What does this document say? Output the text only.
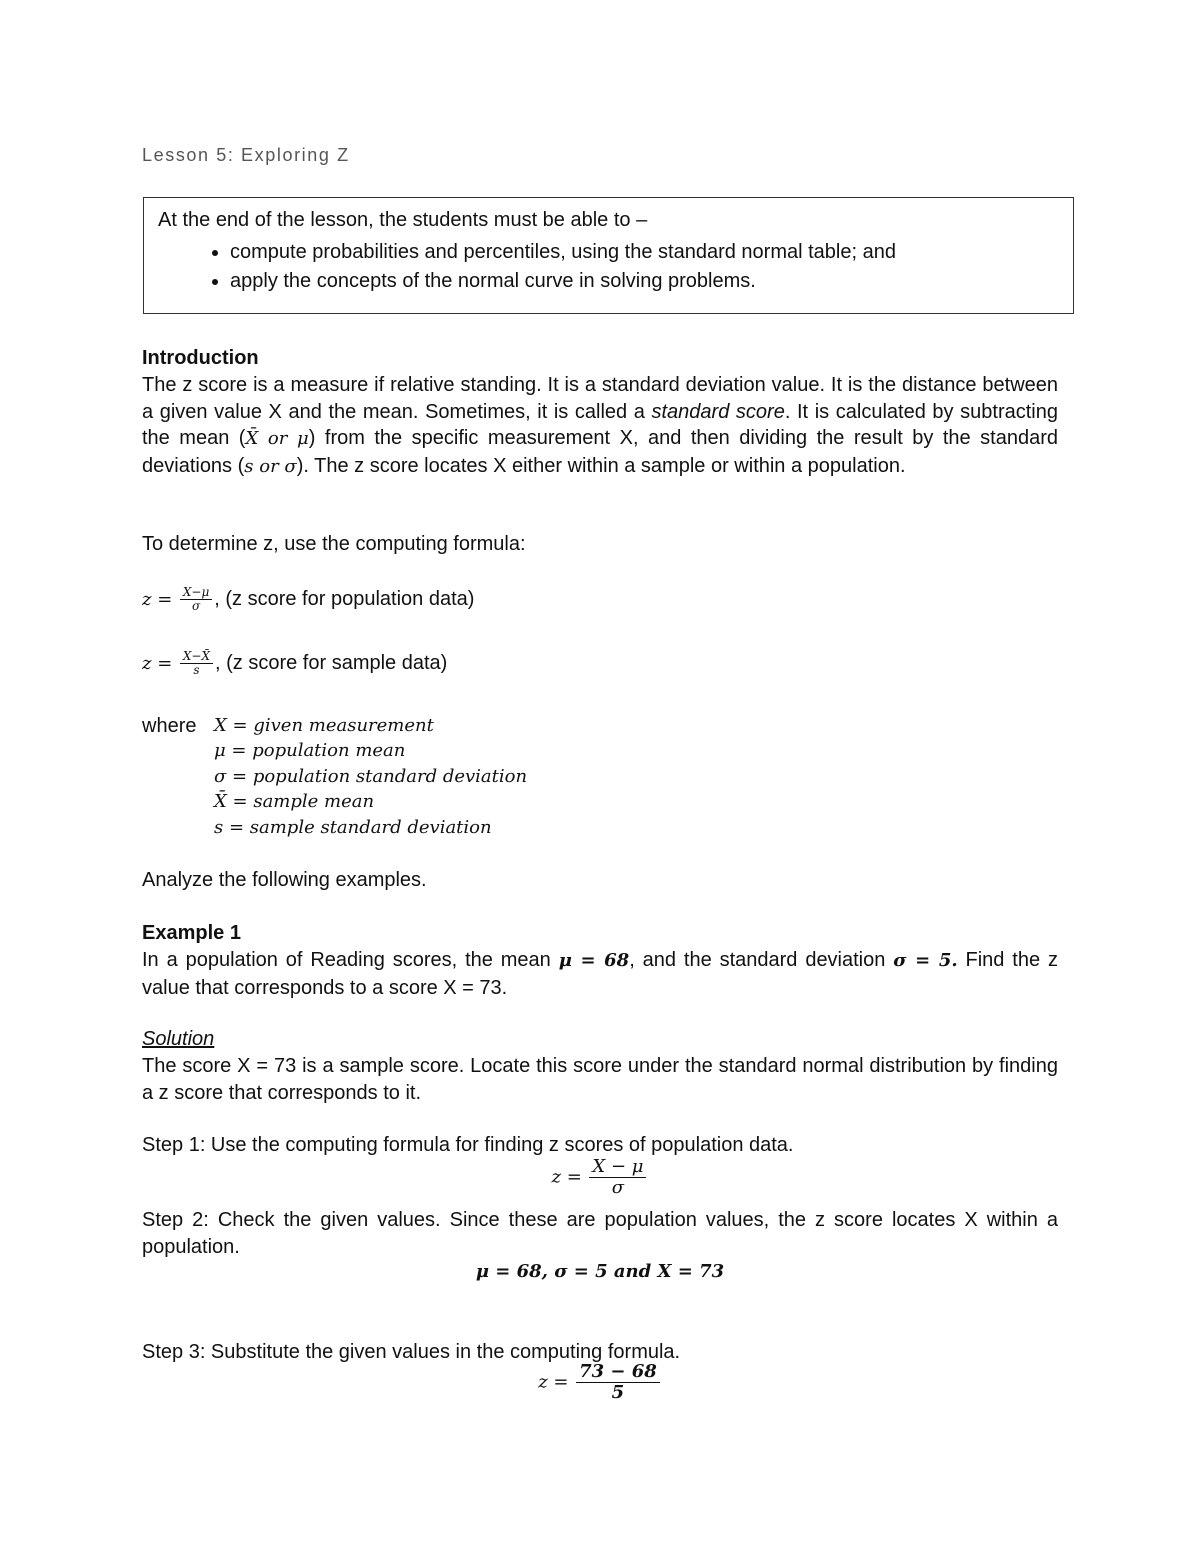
Lesson 5: Exploring Z
At the end of the lesson, the students must be able to –
• compute probabilities and percentiles, using the standard normal table; and
• apply the concepts of the normal curve in solving problems.
Introduction
The z score is a measure if relative standing. It is a standard deviation value. It is the distance between a given value X and the mean. Sometimes, it is called a standard score. It is calculated by subtracting the mean (X̄ or μ) from the specific measurement X, and then dividing the result by the standard deviations (s or σ). The z score locates X either within a sample or within a population.
To determine z, use the computing formula:
$z = \frac{X-\mu}{\sigma}$ , (z score for population data)
$z = \frac{X-X̄}{s}$ , (z score for sample data)
where X = given measurement
μ = population mean
σ = population standard deviation
X̄ = sample mean
s = sample standard deviation
Analyze the following examples.
Example 1
In a population of Reading scores, the mean μ = 68, and the standard deviation σ = 5. Find the z value that corresponds to a score X = 73.
Solution
The score X = 73 is a sample score. Locate this score under the standard normal distribution by finding a z score that corresponds to it.
Step 1: Use the computing formula for finding z scores of population data.
$z = \frac{X - \mu}{\sigma}$
Step 2: Check the given values. Since these are population values, the z score locates X within a population.
μ = 68, σ = 5 and X = 73
Step 3: Substitute the given values in the computing formula.
$z = \frac{73 - 68}{5}$
